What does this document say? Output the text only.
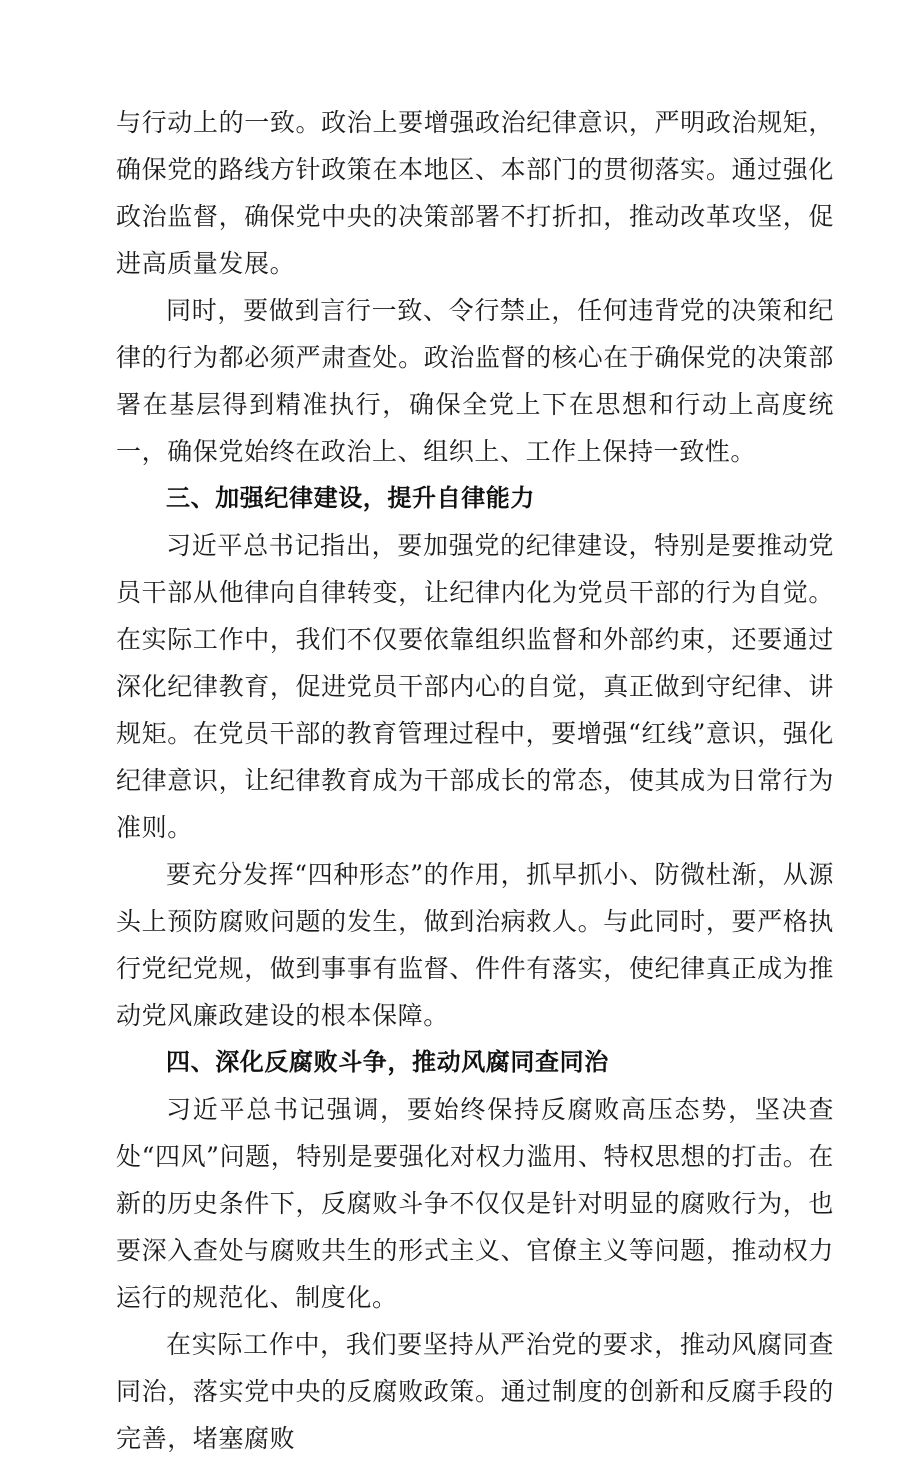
与行动上的一致。政治上要增强政治纪律意识，严明政治规矩，确保党的路线方针政策在本地区、本部门的贯彻落实。通过强化政治监督，确保党中央的决策部署不打折扣，推动改革攻坚，促进高质量发展。

同时，要做到言行一致、令行禁止，任何违背党的决策和纪律的行为都必须严肃查处。政治监督的核心在于确保党的决策部署在基层得到精准执行，确保全党上下在思想和行动上高度统一，确保党始终在政治上、组织上、工作上保持一致性。

三、加强纪律建设，提升自律能力

习近平总书记指出，要加强党的纪律建设，特别是要推动党员干部从他律向自律转变，让纪律内化为党员干部的行为自觉。在实际工作中，我们不仅要依靠组织监督和外部约束，还要通过深化纪律教育，促进党员干部内心的自觉，真正做到守纪律、讲规矩。在党员干部的教育管理过程中，要增强“红线”意识，强化纪律意识，让纪律教育成为干部成长的常态，使其成为日常行为准则。

要充分发挥“四种形态”的作用，抓早抓小、防微杜渐，从源头上预防腐败问题的发生，做到治病救人。与此同时，要严格执行党纪党规，做到事事有监督、件件有落实，使纪律真正成为推动党风廉政建设的根本保障。

四、深化反腐败斗争，推动风腐同查同治

习近平总书记强调，要始终保持反腐败高压态势，坚决查处“四风”问题，特别是要强化对权力滥用、特权思想的打击。在新的历史条件下，反腐败斗争不仅仅是针对明显的腐败行为，也要深入查处与腐败共生的形式主义、官僚主义等问题，推动权力运行的规范化、制度化。

在实际工作中，我们要坚持从严治党的要求，推动风腐同查同治，落实党中央的反腐败政策。通过制度的创新和反腐手段的完善，堵塞腐败
